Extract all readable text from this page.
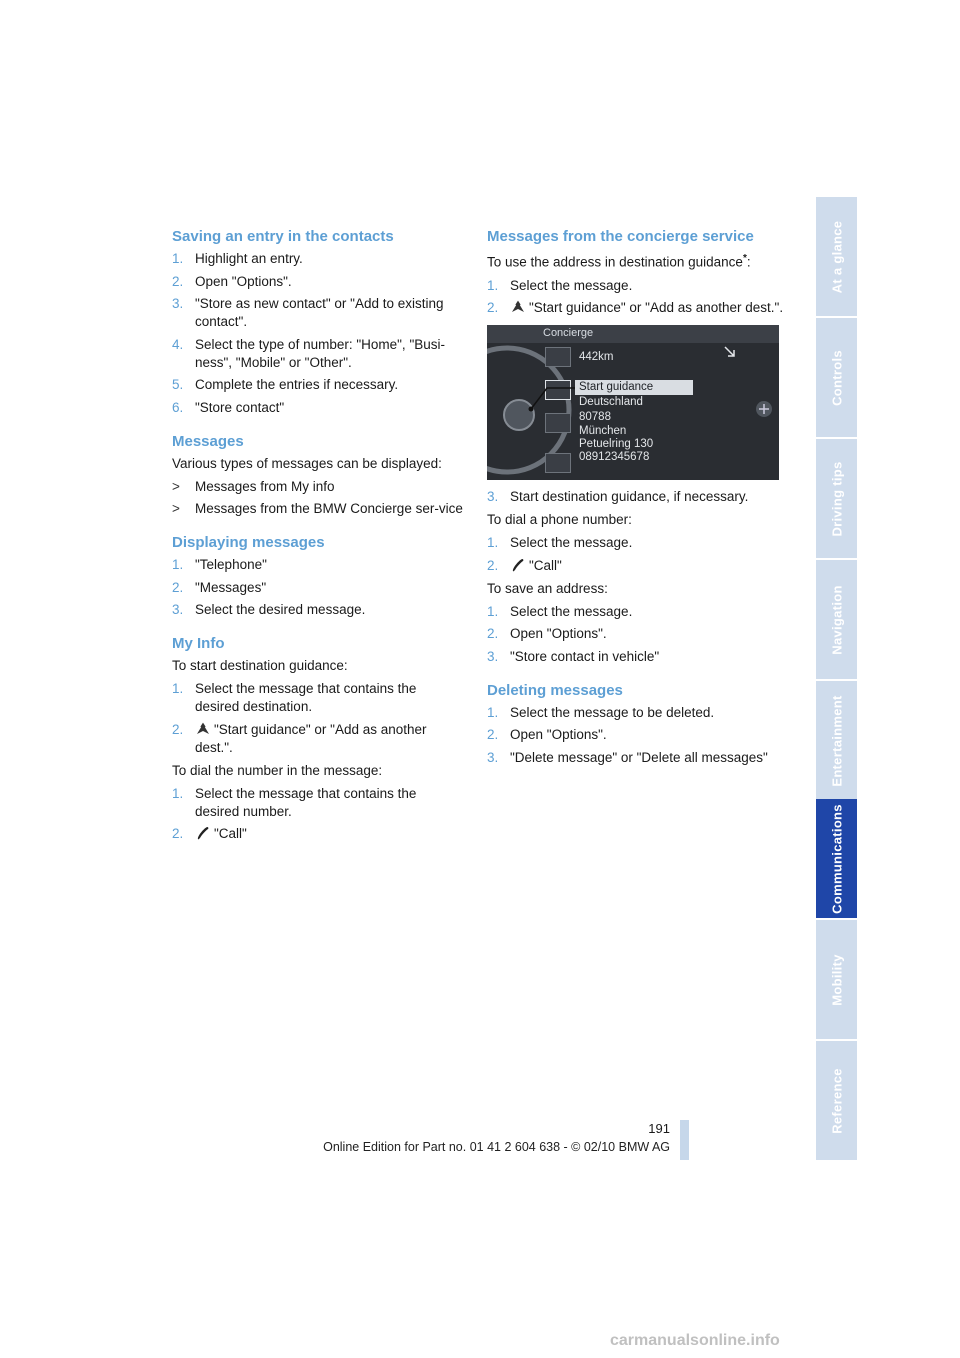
Saving an entry in the contacts
1. Highlight an entry.
2. Open "Options".
3. "Store as new contact" or "Add to existing contact".
4. Select the type of number: "Home", "Busi-ness", "Mobile" or "Other".
5. Complete the entries if necessary.
6. "Store contact"
Messages

Various types of messages can be displayed:

> Messages from My info
> Messages from the BMW Concierge ser-vice
Displaying messages
1. "Telephone"
2. "Messages"
3. Select the desired message.
My Info

To start destination guidance:

1. Select the message that contains the desired destination.
2. "Start guidance" or "Add as another dest.".

To dial the number in the message:

1. Select the message that contains the desired number.
2. "Call"
Messages from the concierge service

To use the address in destination guidance*:

1. Select the message.
2. "Start guidance" or "Add as another dest.".
Concierge
442km
Start guidance
Deutschland
80788
München
Petuelring 130
08912345678
3. Start destination guidance, if necessary.

To dial a phone number:

1. Select the message.
2. "Call"

To save an address:

1. Select the message.
2. Open "Options".
3. "Store contact in vehicle"
Deleting messages
1. Select the message to be deleted.
2. Open "Options".
3. "Delete message" or "Delete all messages"
At a glance
Controls
Driving tips
Navigation
Entertainment
Communications
Mobility
Reference
191
Online Edition for Part no. 01 41 2 604 638 - © 02/10 BMW AG
carmanualsonline.info
